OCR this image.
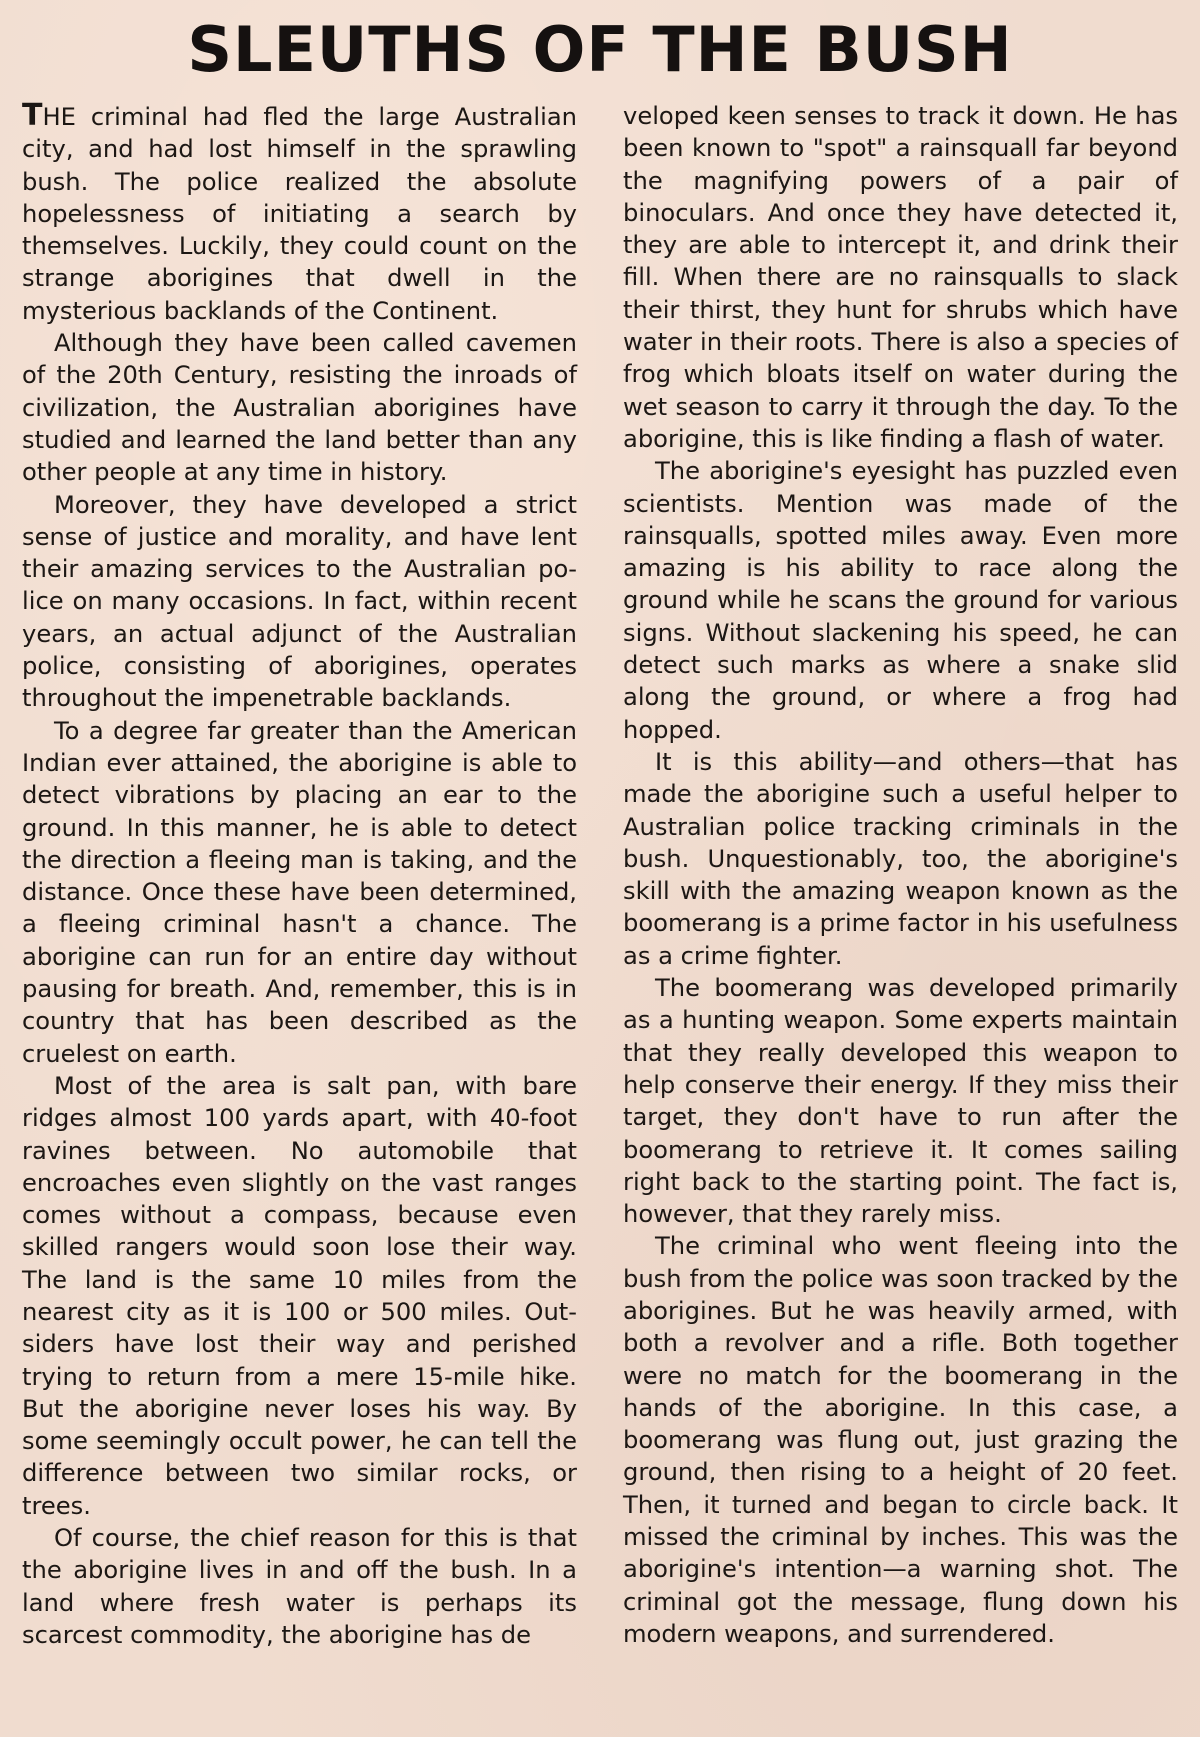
SLEUTHS OF THE BUSH

THE criminal had fled the large Australian city, and had lost himself in the sprawling bush. The police realized the absolute hopelessness of initiating a search by themselves. Luckily, they could count on the strange aborigines that dwell in the mysterious backlands of the Continent.

Although they have been called cavemen of the 20th Century, resisting the inroads of civilization, the Australian aborigines have studied and learned the land better than any other people at any time in history.

Moreover, they have developed a strict sense of justice and morality, and have lent their amazing services to the Australian police on many occasions. In fact, within recent years, an actual adjunct of the Australian police, consisting of aborigines, operates throughout the impenetrable backlands.

To a degree far greater than the American Indian ever attained, the aborigine is able to detect vibrations by placing an ear to the ground. In this manner, he is able to detect the direction a fleeing man is taking, and the distance. Once these have been determined, a fleeing criminal hasn't a chance. The aborigine can run for an entire day without pausing for breath. And, remember, this is in country that has been described as the cruelest on earth.

Most of the area is salt pan, with bare ridges almost 100 yards apart, with 40-foot ravines between. No automobile that encroaches even slightly on the vast ranges comes without a compass, because even skilled rangers would soon lose their way. The land is the same 10 miles from the nearest city as it is 100 or 500 miles. Outsiders have lost their way and perished trying to return from a mere 15-mile hike. But the aborigine never loses his way. By some seemingly occult power, he can tell the difference between two similar rocks, or trees.

Of course, the chief reason for this is that the aborigine lives in and off the bush. In a land where fresh water is perhaps its scarcest commodity, the aborigine has de

veloped keen senses to track it down. He has been known to "spot" a rainsquall far beyond the magnifying powers of a pair of binoculars. And once they have detected it, they are able to intercept it, and drink their fill. When there are no rainsqualls to slack their thirst, they hunt for shrubs which have water in their roots. There is also a species of frog which bloats itself on water during the wet season to carry it through the day. To the aborigine, this is like finding a flash of water.

The aborigine's eyesight has puzzled even scientists. Mention was made of the rainsqualls, spotted miles away. Even more amazing is his ability to race along the ground while he scans the ground for various signs. Without slackening his speed, he can detect such marks as where a snake slid along the ground, or where a frog had hopped.

It is this ability—and others—that has made the aborigine such a useful helper to Australian police tracking criminals in the bush. Unquestionably, too, the aborigine's skill with the amazing weapon known as the boomerang is a prime factor in his usefulness as a crime fighter.

The boomerang was developed primarily as a hunting weapon. Some experts maintain that they really developed this weapon to help conserve their energy. If they miss their target, they don't have to run after the boomerang to retrieve it. It comes sailing right back to the starting point. The fact is, however, that they rarely miss.

The criminal who went fleeing into the bush from the police was soon tracked by the aborigines. But he was heavily armed, with both a revolver and a rifle. Both together were no match for the boomerang in the hands of the aborigine. In this case, a boomerang was flung out, just grazing the ground, then rising to a height of 20 feet. Then, it turned and began to circle back. It missed the criminal by inches. This was the aborigine's intention—a warning shot. The criminal got the message, flung down his modern weapons, and surrendered.
